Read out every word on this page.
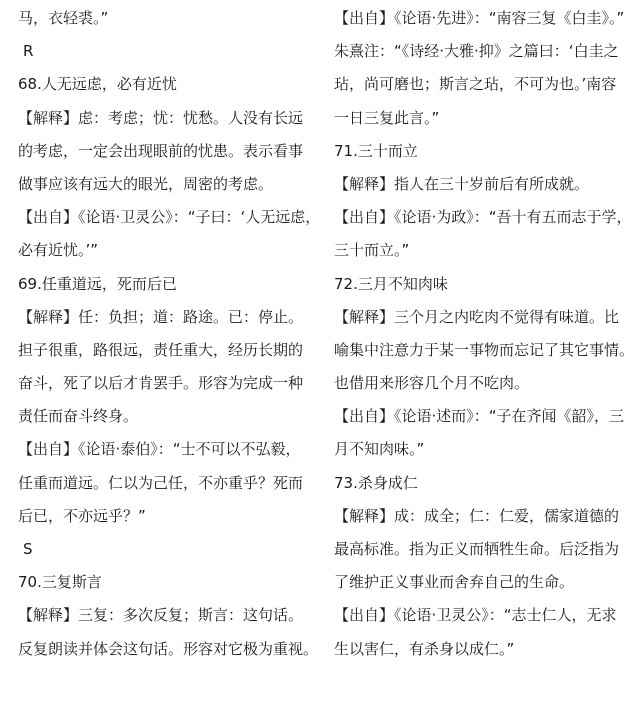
马，衣轻裘。”
R
68.人无远虑，必有近忧
【解释】虑：考虑；忧：忧愁。人没有长远
的考虑，一定会出现眼前的忧患。表示看事
做事应该有远大的眼光，周密的考虑。
【出自】《论语·卫灵公》：“子曰：‘人无远虑，
必有近忧。’”
69.任重道远，死而后已
【解释】任：负担；道：路途。已：停止。
担子很重，路很远，责任重大，经历长期的
奋斗，死了以后才肯罢手。形容为完成一种
责任而奋斗终身。
【出自】《论语·泰伯》：“士不可以不弘毅，
任重而道远。仁以为己任，不亦重乎？死而
后已，不亦远乎？”
S
70.三复斯言
【解释】三复：多次反复；斯言：这句话。
反复朗读并体会这句话。形容对它极为重视。
【出自】《论语·先进》：“南容三复《白圭》。”
朱熹注：“《诗经·大雅·抑》之篇曰：‘白圭之
玷，尚可磨也；斯言之玷，不可为也。’南容
一日三复此言。”
71.三十而立
【解释】指人在三十岁前后有所成就。
【出自】《论语·为政》：“吾十有五而志于学，
三十而立。”
72.三月不知肉味
【解释】三个月之内吃肉不觉得有味道。比
喻集中注意力于某一事物而忘记了其它事情。
也借用来形容几个月不吃肉。
【出自】《论语·述而》：“子在齐闻《韶》，三
月不知肉味。”
73.杀身成仁
【解释】成：成全；仁：仁爱，儒家道德的
最高标准。指为正义而牺牲生命。后泛指为
了维护正义事业而舍弃自己的生命。
【出自】《论语·卫灵公》：“志士仁人，无求
生以害仁，有杀身以成仁。”
